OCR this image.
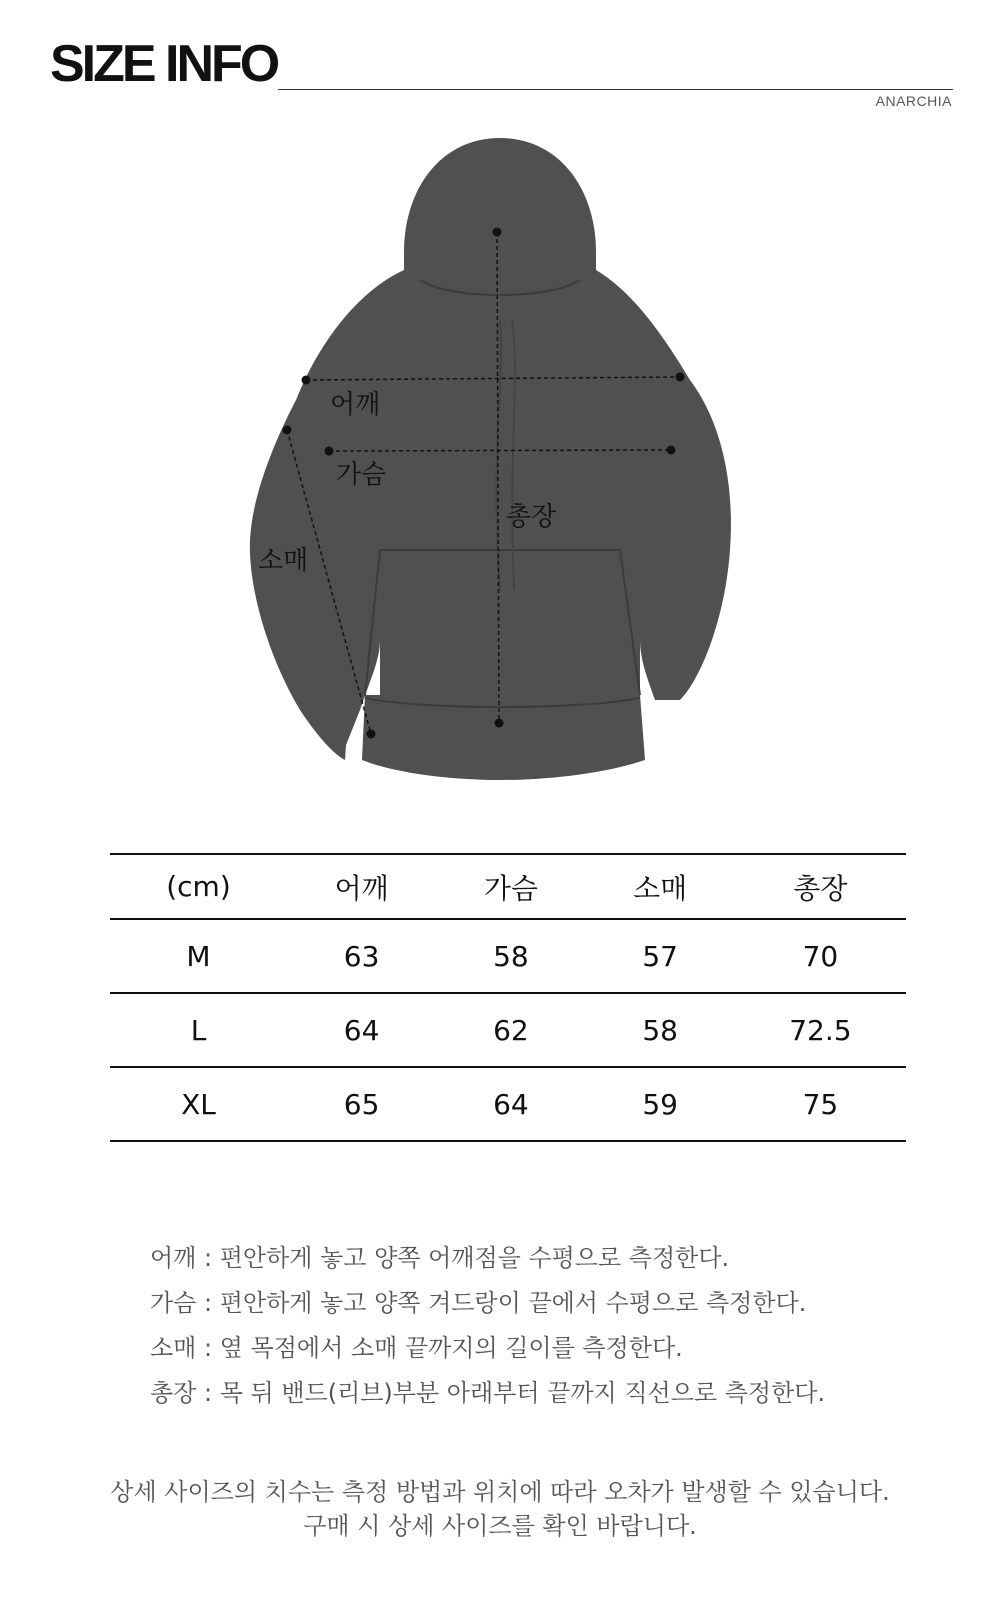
SIZE INFO
ANARCHIA
어깨
가슴
소매
총장
(cm)	어깨	가슴	소매	총장
M	63	58	57	70
L	64	62	58	72.5
XL	65	64	59	75
어깨 : 편안하게 놓고 양쪽 어깨점을 수평으로 측정한다.
가슴 : 편안하게 놓고 양쪽 겨드랑이 끝에서 수평으로 측정한다.
소매 : 옆 목점에서 소매 끝까지의 길이를 측정한다.
총장 : 목 뒤 밴드(리브)부분 아래부터 끝까지 직선으로 측정한다.
상세 사이즈의 치수는 측정 방법과 위치에 따라 오차가 발생할 수 있습니다.
구매 시 상세 사이즈를 확인 바랍니다.
